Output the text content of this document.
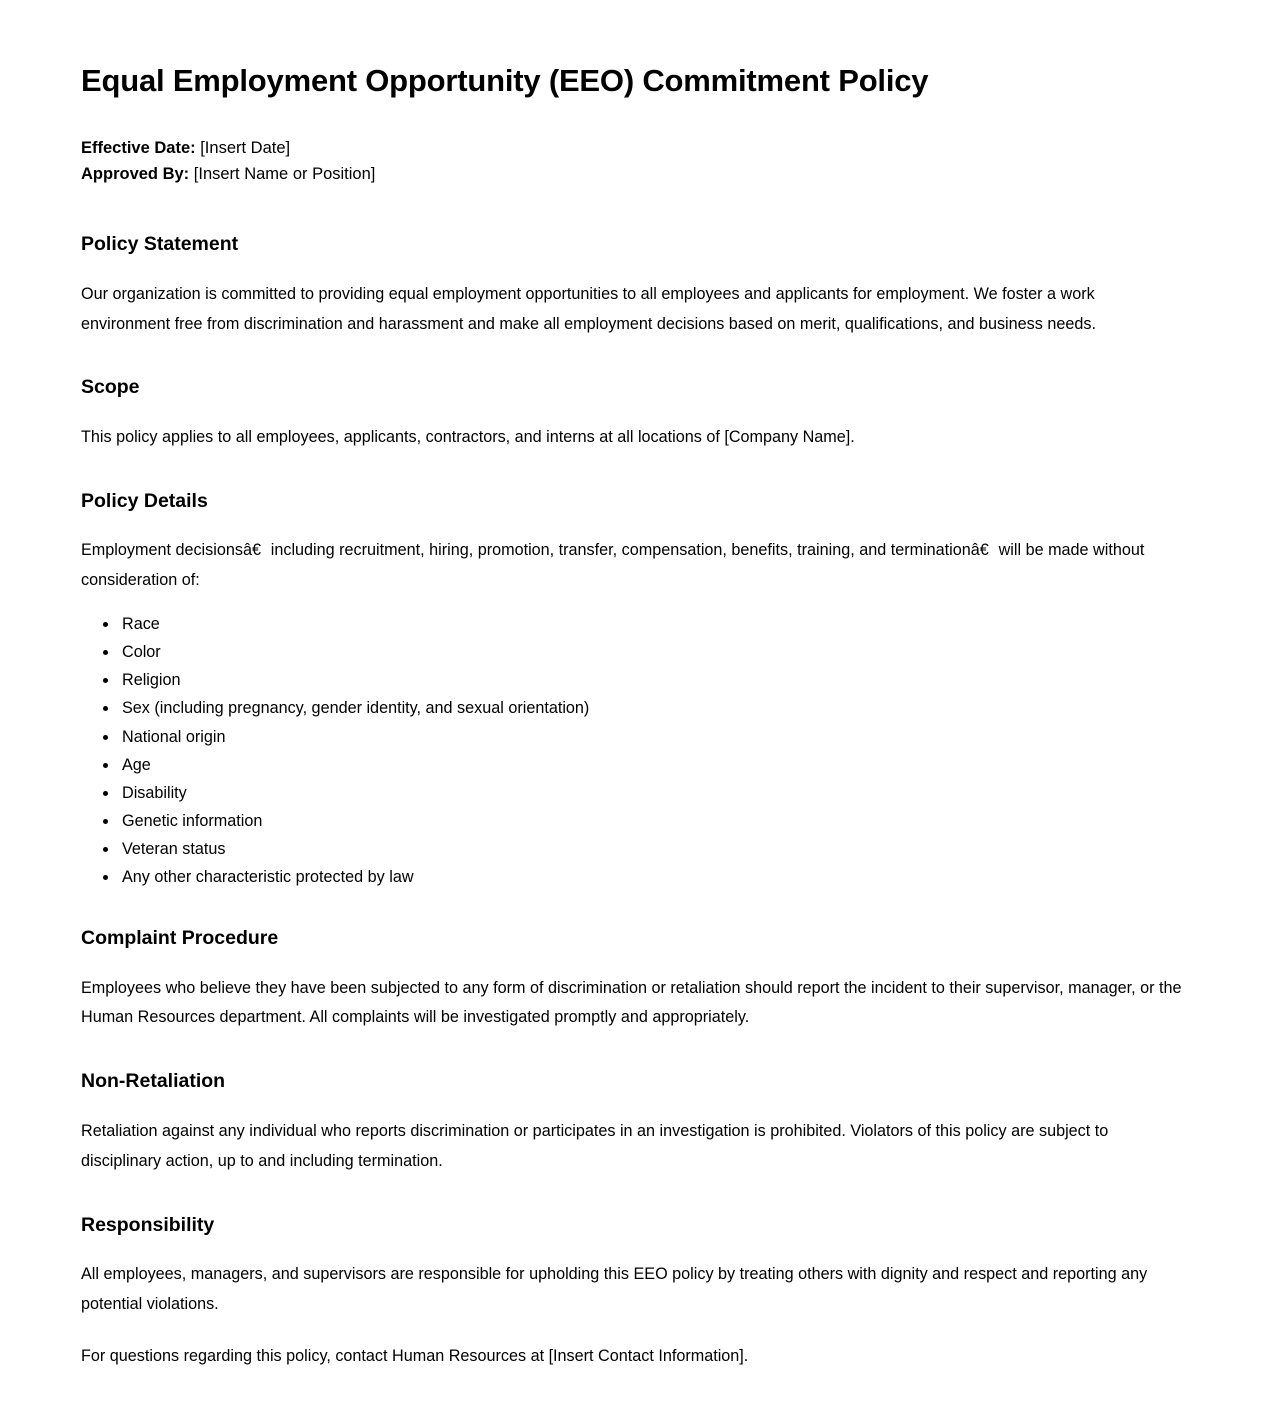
Equal Employment Opportunity (EEO) Commitment Policy

Effective Date: [Insert Date]

Approved By: [Insert Name or Position]

Policy Statement

Our organization is committed to providing equal employment opportunities to all employees and applicants for employment. We foster a work environment free from discrimination and harassment and make all employment decisions based on merit, qualifications, and business needs.

Scope

This policy applies to all employees, applicants, contractors, and interns at all locations of [Company Name].

Policy Details

Employment decisionsâ€including recruitment, hiring, promotion, transfer, compensation, benefits, training, and terminationâ€will be made without consideration of:

• Race
• Color
• Religion
• Sex (including pregnancy, gender identity, and sexual orientation)
• National origin
• Age
• Disability
• Genetic information
• Veteran status
• Any other characteristic protected by law
Complaint Procedure

Employees who believe they have been subjected to any form of discrimination or retaliation should report the incident to their supervisor, manager, or the Human Resources department. All complaints will be investigated promptly and appropriately.

Non-Retaliation

Retaliation against any individual who reports discrimination or participates in an investigation is prohibited. Violators of this policy are subject to disciplinary action, up to and including termination.

Responsibility

All employees, managers, and supervisors are responsible for upholding this EEO policy by treating others with dignity and respect and reporting any potential violations.

For questions regarding this policy, contact Human Resources at [Insert Contact Information].
